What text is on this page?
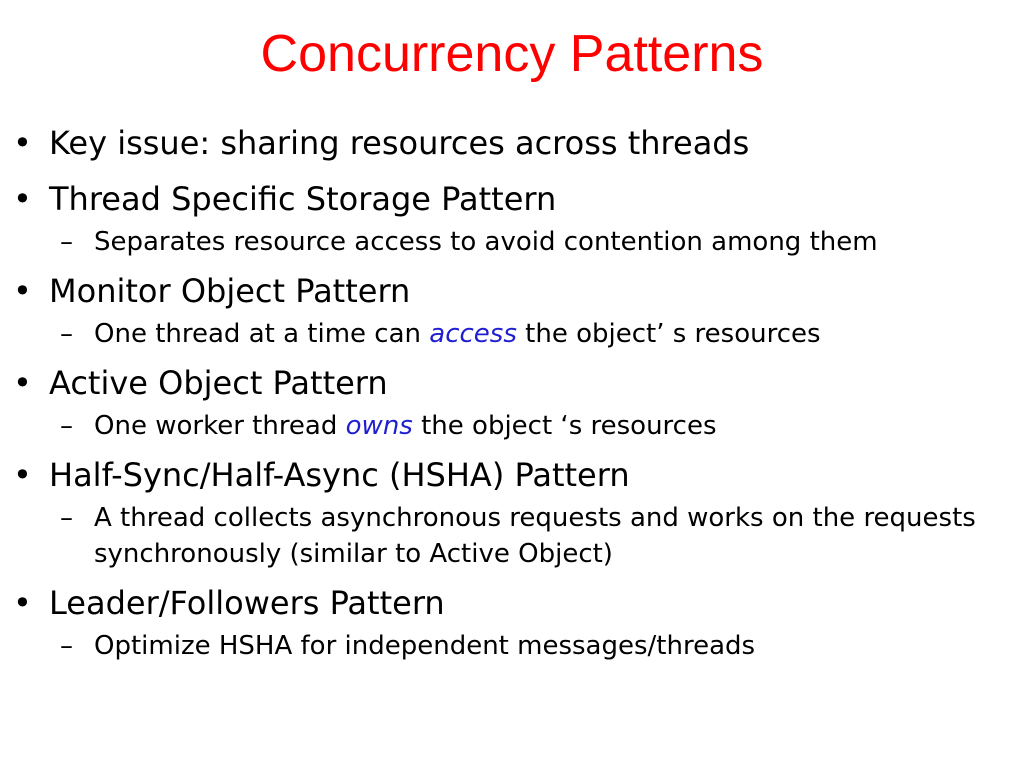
Concurrency Patterns
• Key issue: sharing resources across threads
• Thread Specific Storage Pattern
– Separates resource access to avoid contention among them
• Monitor Object Pattern
– One thread at a time can access the object’ s resources
• Active Object Pattern
– One worker thread owns the object ‘s resources
• Half-Sync/Half-Async (HSHA) Pattern
– A thread collects asynchronous requests and works on the requests synchronously (similar to Active Object)
• Leader/Followers Pattern
– Optimize HSHA for independent messages/threads
